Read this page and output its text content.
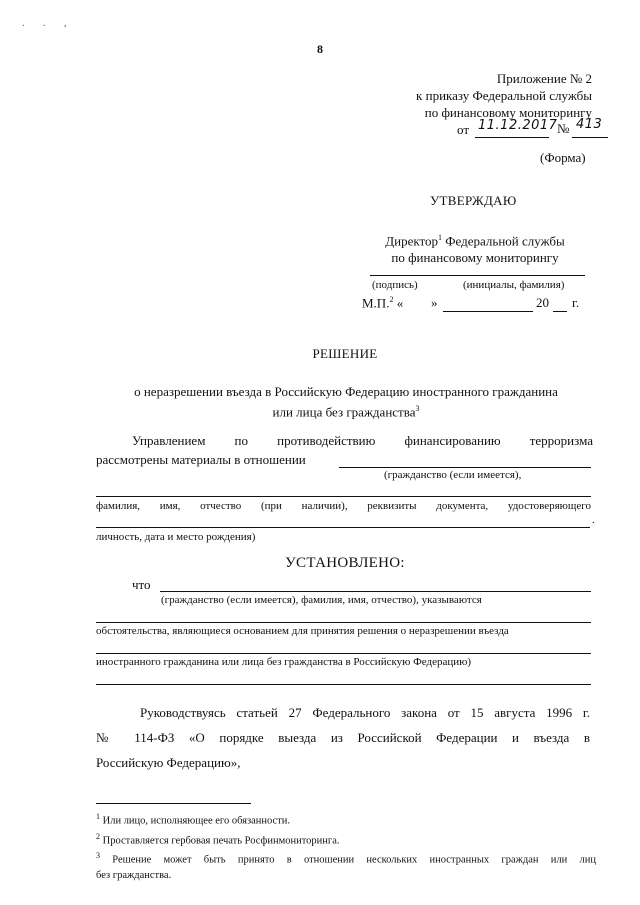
. . ,
8
Приложение № 2
к приказу Федеральной службы
по финансовому мониторингу
от 11.12.2017 № 413
(Форма)
УТВЕРЖДАЮ
Директор$^1$ Федеральной службы
по финансовому мониторингу
(подпись)	(инициалы, фамилия)
М.П.$^2$ « »	20 г.
РЕШЕНИЕ
о неразрешении въезда в Российскую Федерацию иностранного гражданина
или лица без гражданства$^3$
Управлением по противодействию финансированию терроризма
рассмотрены материалы в отношении
(гражданство (если имеется),
фамилия, имя, отчество (при наличии), реквизиты документа, удостоверяющего
.
личность, дата и место рождения)
УСТАНОВЛЕНО:
что
(гражданство (если имеется), фамилия, имя, отчество), указываются
обстоятельства, являющиеся основанием для принятия решения о неразрешении въезда
иностранного гражданина или лица без гражданства в Российскую Федерацию)
Руководствуясь статьей 27 Федерального закона от 15 августа 1996 г.
№ 114-ФЗ «О порядке выезда из Российской Федерации и въезда в
Российскую Федерацию»,
$^1$ Или лицо, исполняющее его обязанности.
$^2$ Проставляется гербовая печать Росфинмониторинга.
$^3$ Решение может быть принято в отношении нескольких иностранных граждан или лиц
без гражданства.
